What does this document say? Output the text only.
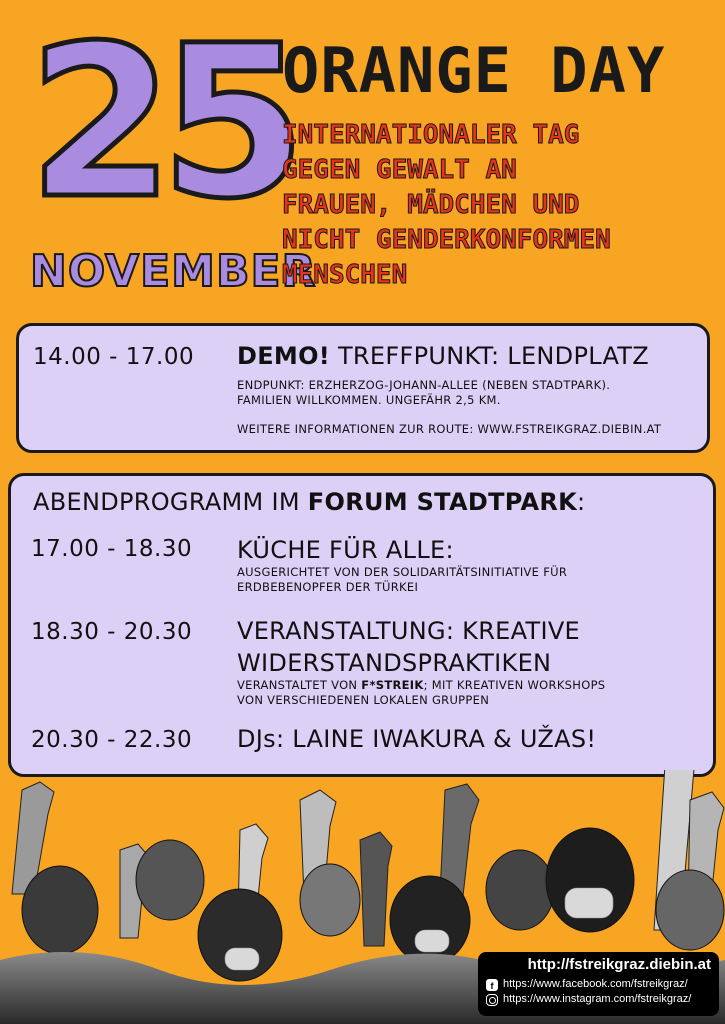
25
NOVEMBER
ORANGE DAY
INTERNATIONALER TAG
GEGEN GEWALT AN
FRAUEN, MÄDCHEN UND
NICHT GENDERKONFORMEN
MENSCHEN
14.00 - 17.00 DEMO! TREFFPUNKT: LENDPLATZ
ENDPUNKT: ERZHERZOG-JOHANN-ALLEE (NEBEN STADTPARK).
FAMILIEN WILLKOMMEN. UNGEFÄHR 2,5 KM.
WEITERE INFORMATIONEN ZUR ROUTE: WWW.FSTREIKGRAZ.DIEBIN.AT
ABENDPROGRAMM IM FORUM STADTPARK:
17.00 - 18.30 KÜCHE FÜR ALLE:
AUSGERICHTET VON DER SOLIDARITÄTSINITIATIVE FÜR
ERDBEBENOPFER DER TÜRKEI
18.30 - 20.30 VERANSTALTUNG: KREATIVE
WIDERSTANDSPRAKTIKEN
VERANSTALTET VON F*STREIK; MIT KREATIVEN WORKSHOPS
VON VERSCHIEDENEN LOKALEN GRUPPEN
20.30 - 22.30 DJs: LAINE IWAKURA & UŽAS!
http://fstreikgraz.diebin.at
f https://www.facebook.com/fstreikgraz/
https://www.instagram.com/fstreikgraz/
